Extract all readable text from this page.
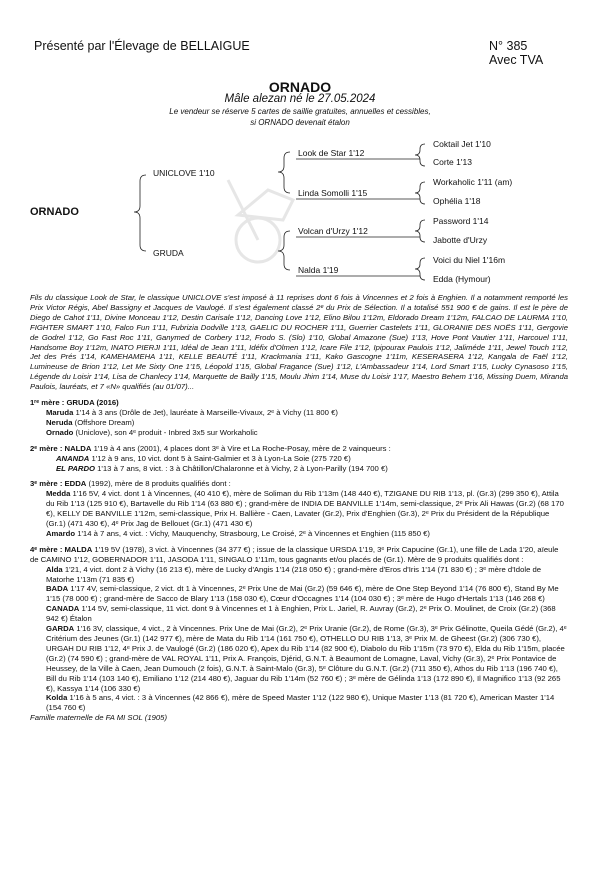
Présenté par l'Élevage de BELLAIGUE	N° 385
Avec TVA
ORNADO
Mâle alezan né le 27.05.2024
Le vendeur se réserve 5 cartes de saillie gratuites, annuelles et cessibles,
si ORNADO devenait étalon
ORNADO
UNICLOVE 1'10
GRUDA
Look de Star 1'12
Linda Somolli 1'15
Volcan d'Urzy 1'12
Nalda 1'19
Coktail Jet 1'10
Corte 1'13
Workaholic 1'11 (am)
Ophélia 1'18
Password 1'14
Jabotte d'Urzy
Voici du Niel 1'16m
Edda (Hymour)

Fils du classique Look de Star, le classique UNICLOVE s'est imposé à 11 reprises dont 6 fois à Vincennes et 2 fois à Enghien. Il a notamment remporté les Prix Victor Régis, Abel Bassigny et Jacques de Vaulogé. Il s'est également classé 2ᵉ du Prix de Sélection. Il a totalisé 551 900 € de gains. Il est le père de Diego de Cahot 1'11, Divine Monceau 1'12, Destin Carisale 1'12, Dancing Love 1'12, Elino Bilou 1'12m, Eldorado Dream 1'12m, FALCAO DE LAURMA 1'10, FIGHTER SMART 1'10, Falco Fun 1'11, Fubrizia Dodville 1'13, GAELIC DU ROCHER 1'11, Guerrier Castelets 1'11, GLORANIE DES NOËS 1'11, Gergovie de Godrel 1'12, Go Fast Roc 1'11, Ganymed de Corbery 1'12, Frodo S. (Slo) 1'10, Global Amazone (Sue) 1'13, Hove Pont Vautier 1'11, Harcouel 1'11, Handsome Boy 1'12m, INATO PIERJI 1'11, Idéal de Jean 1'11, Idéfix d'Olmen 1'12, Icare File 1'12, Ipipourax Paulois 1'12, Jaliméde 1'11, Jewel Touch 1'12, Jet des Prés 1'14, KAMEHAMEHA 1'11, KELLE BEAUTÉ 1'11, Krackmania 1'11, Kako Gascogne 1'11m, KESERASERA 1'12, Kangala de Faël 1'12, Lumineuse de Brion 1'12, Let Me Sixty One 1'15, Léopold 1'15, Global Fragance (Sue) 1'12, L'Ambassadeur 1'14, Lord Smart 1'15, Lucky Cynasoso 1'15, Légende du Loisir 1'14, Lisa de Chanlecy 1'14, Marquette de Bailly 1'15, Moulu Jhim 1'14, Muse du Loisir 1'17, Maestro Behem 1'16, Missing Duem, Miranda Paulois, lauréats, et 7 «N» qualifiés (au 01/07)...

1ʳᵉ mère : GRUDA (2016)

Maruda 1'14 à 3 ans (Drôle de Jet), lauréate à Marseille-Vivaux, 2ᵉ à Vichy (11 800 €)

Neruda (Offshore Dream)

Ornado (Uniclove), son 4ᵉ produit - Inbred 3x5 sur Workaholic

2ᵉ mère : NALDA 1'19 à 4 ans (2001), 4 places dont 3ᵉ à Vire et La Roche-Posay, mère de 2 vainqueurs :

ANANDA 1'12 à 9 ans, 10 vict. dont 5 à Saint-Galmier et 3 à Lyon-La Soie (275 720 €)

EL PARDO 1'13 à 7 ans, 8 vict. : 3 à Châtillon/Chalaronne et à Vichy, 2 à Lyon-Parilly (194 700 €)

3ᵉ mère : EDDA (1992), mère de 8 produits qualifiés dont :

Medda 1'16 5V, 4 vict. dont 1 à Vincennes, (40 410 €), mère de Soliman du Rib 1'13m (148 440 €), TZIGANE DU RIB 1'13, pl. (Gr.3) (299 350 €), Attila du Rib 1'13 (125 910 €), Bartavelle du Rib 1'14 (63 880 €) ; grand-mère de INDIA DE BANVILLE 1'14m, semi-classique, 2ᵉ Prix Ali Hawas (Gr.2) (68 170 €), KELLY DE BANVILLE 1'12m, semi-classique, Prix H. Ballière - Caen, Lavater (Gr.2), Prix d'Enghien (Gr.3), 2ᵉ Prix du Président de la République (Gr.1) (471 430 €), 4ᵉ Prix Jag de Bellouet (Gr.1) (471 430 €)

Amardo 1'14 à 7 ans, 4 vict. : Vichy, Mauquenchy, Strasbourg, Le Croisé, 2ᵉ à Vincennes et Enghien (115 850 €)

4ᵉ mère : MALDA 1'19 5V (1978), 3 vict. à Vincennes (34 377 €) ; issue de la classique URSDA 1'19, 3ᵉ Prix Capucine (Gr.1), une fille de Lada 1'20, aïeule de CAMINO 1'12, GOBERNADOR 1'11, JASODA 1'11, SINGALO 1'11m, tous gagnants et/ou placés de (Gr.1). Mère de 9 produits qualifiés dont :

Alda 1'21, 4 vict. dont 2 à Vichy (16 213 €), mère de Lucky d'Angis 1'14 (218 050 €) ; grand-mère d'Eros d'Iris 1'14 (71 830 €) ; 3ᵉ mère d'Idole de Matorhe 1'13m (71 835 €)

BADA 1'17 4V, semi-classique, 2 vict. dt 1 à Vincennes, 2ᵉ Prix Une de Mai (Gr.2) (59 646 €), mère de One Step Beyond 1'14 (76 800 €), Stand By Me 1'15 (78 000 €) ; grand-mère de Sacco de Blary 1'13 (158 030 €), Cœur d'Occagnes 1'14 (104 030 €) ; 3ᵉ mère de Hugo d'Hertals 1'13 (146 268 €)

CANADA 1'14 5V, semi-classique, 11 vict. dont 9 à Vincennes et 1 à Enghien, Prix L. Jariel, R. Auvray (Gr.2), 2ᵉ Prix O. Moulinet, de Croix (Gr.2) (368 942 €) Étalon

GARDA 1'16 3V, classique, 4 vict., 2 à Vincennes. Prix Une de Mai (Gr.2), 2ᵉ Prix Uranie (Gr.2), de Rome (Gr.3), 3ᵉ Prix Gélinotte, Queila Gédé (Gr.2), 4ᵉ Critérium des Jeunes (Gr.1) (142 977 €), mère de Mata du Rib 1'14 (161 750 €), OTHELLO DU RIB 1'13, 3ᵉ Prix M. de Gheest (Gr.2) (306 730 €), URGAH DU RIB 1'12, 4ᵉ Prix J. de Vaulogé (Gr.2) (186 020 €), Apex du Rib 1'14 (82 900 €), Diabolo du Rib 1'15m (73 970 €), Elda du Rib 1'15m, placée (Gr.2) (74 590 €) ; grand-mère de VAL ROYAL 1'11, Prix A. François, Djérid, G.N.T. à Beaumont de Lomagne, Laval, Vichy (Gr.3), 2ᵉ Prix Pontavice de Heussey, de la Ville à Caen, Jean Dumouch (2 fois), G.N.T. à Saint-Malo (Gr.3), 5ᵉ Clôture du G.N.T. (Gr.2) (711 350 €), Athos du Rib 1'13 (196 740 €), Bill du Rib 1'14 (103 140 €), Emiliano 1'12 (214 480 €), Jaguar du Rib 1'14m (52 760 €) ; 3ᵉ mère de Gélinda 1'13 (172 890 €), Il Magnifico 1'13 (92 265 €), Kassya 1'14 (106 330 €)

Kolda 1'16 à 5 ans, 4 vict. : 3 à Vincennes (42 866 €), mère de Speed Master 1'12 (122 980 €), Unique Master 1'13 (81 720 €), American Master 1'14 (154 760 €)

Famille maternelle de FA MI SOL (1905)
